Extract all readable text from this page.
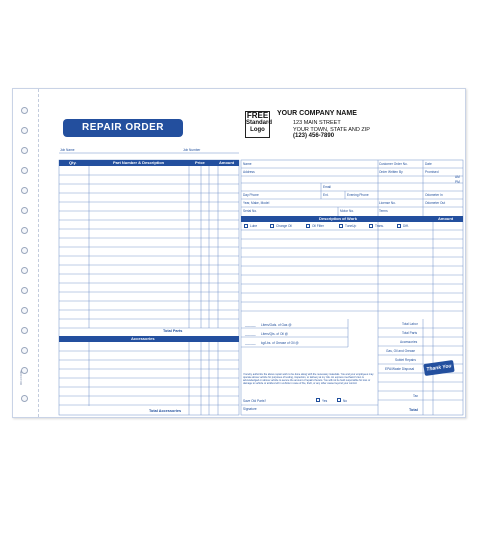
RO-FORM
REPAIR ORDER
FREE
Standard Logo
YOUR COMPANY NAME
123 MAIN STREET
YOUR TOWN, STATE AND ZIP
(123) 456-7890
Job Name	Job Number
Qty.	Part Number & Description	Price	Amount
Total Parts
Accessories
Total Accessories
Name	Customer Order No.	Date
Address	Order Written By	Promised
AM
PM
Email
Day Phone	Ext.	Evening Phone	Odometer In
Year, Make, Model	License No.	Odometer Out
Serial No.	Motor No.	Terms
Description of Work	Amount
Lube	Change Oil	Oil Filter	TuneUp	Trans.	Diff.
______ Liters/Gals. of Gas @
______ Liters/Qts. of Oil @
______ kg/Lbs. of Grease of Oil @
Total Labor
Total Parts
Accessories
Gas, Oil and Grease
Sublet Repairs
EPA/Waste Disposal
Tax
Total
I hereby authorize the above repair work to be done along with the necessary materials. You and your employees may operate above vehicle for purposes of testing, inspection, or delivery at my risk. An express mechanic's lien is acknowledged on above vehicle to secure the amount of repairs thereto. You will not be held responsible for loss or damage to vehicle or articles left in vehicle in case of fire, theft, or any other cause beyond your control.
Save Old Parts?	Yes	No
Signature
Thank You
